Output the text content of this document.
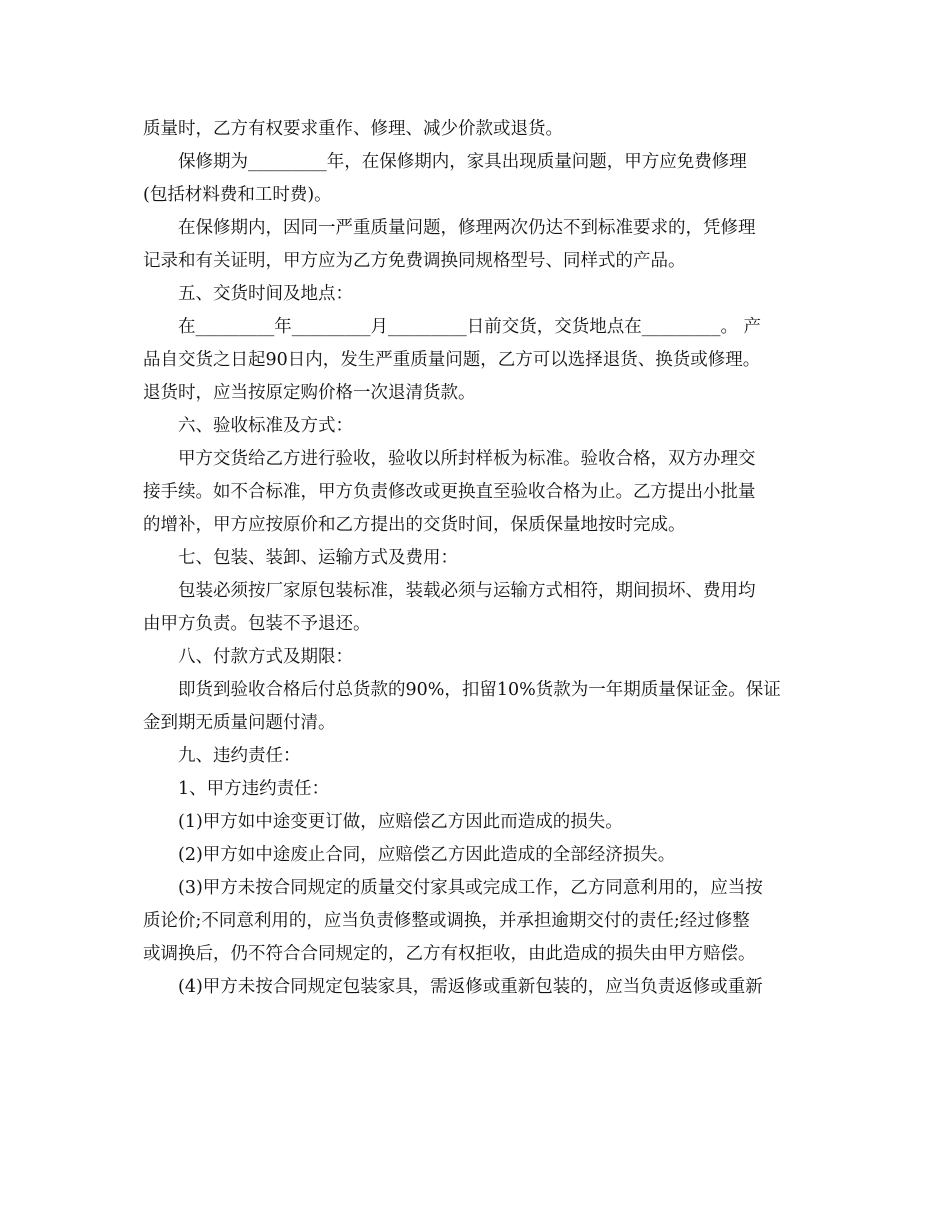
质量时，乙方有权要求重作、修理、减少价款或退货。
保修期为_________年，在保修期内，家具出现质量问题，甲方应免费修理
(包括材料费和工时费)。
在保修期内，因同一严重质量问题，修理两次仍达不到标准要求的，凭修理
记录和有关证明，甲方应为乙方免费调换同规格型号、同样式的产品。
五、交货时间及地点：
在_________年_________月_________日前交货，交货地点在_________。 产
品自交货之日起90日内，发生严重质量问题，乙方可以选择退货、换货或修理。
退货时，应当按原定购价格一次退清货款。
六、验收标准及方式：
甲方交货给乙方进行验收，验收以所封样板为标准。验收合格，双方办理交
接手续。如不合标准，甲方负责修改或更换直至验收合格为止。乙方提出小批量
的增补，甲方应按原价和乙方提出的交货时间，保质保量地按时完成。
七、包装、装卸、运输方式及费用：
包装必须按厂家原包装标准，装载必须与运输方式相符，期间损坏、费用均
由甲方负责。包装不予退还。
八、付款方式及期限：
即货到验收合格后付总货款的90%，扣留10%货款为一年期质量保证金。保证
金到期无质量问题付清。
九、违约责任：
1、甲方违约责任：
(1)甲方如中途变更订做，应赔偿乙方因此而造成的损失。
(2)甲方如中途废止合同，应赔偿乙方因此造成的全部经济损失。
(3)甲方未按合同规定的质量交付家具或完成工作，乙方同意利用的，应当按
质论价;不同意利用的，应当负责修整或调换，并承担逾期交付的责任;经过修整
或调换后，仍不符合合同规定的，乙方有权拒收，由此造成的损失由甲方赔偿。
(4)甲方未按合同规定包装家具，需返修或重新包装的，应当负责返修或重新
